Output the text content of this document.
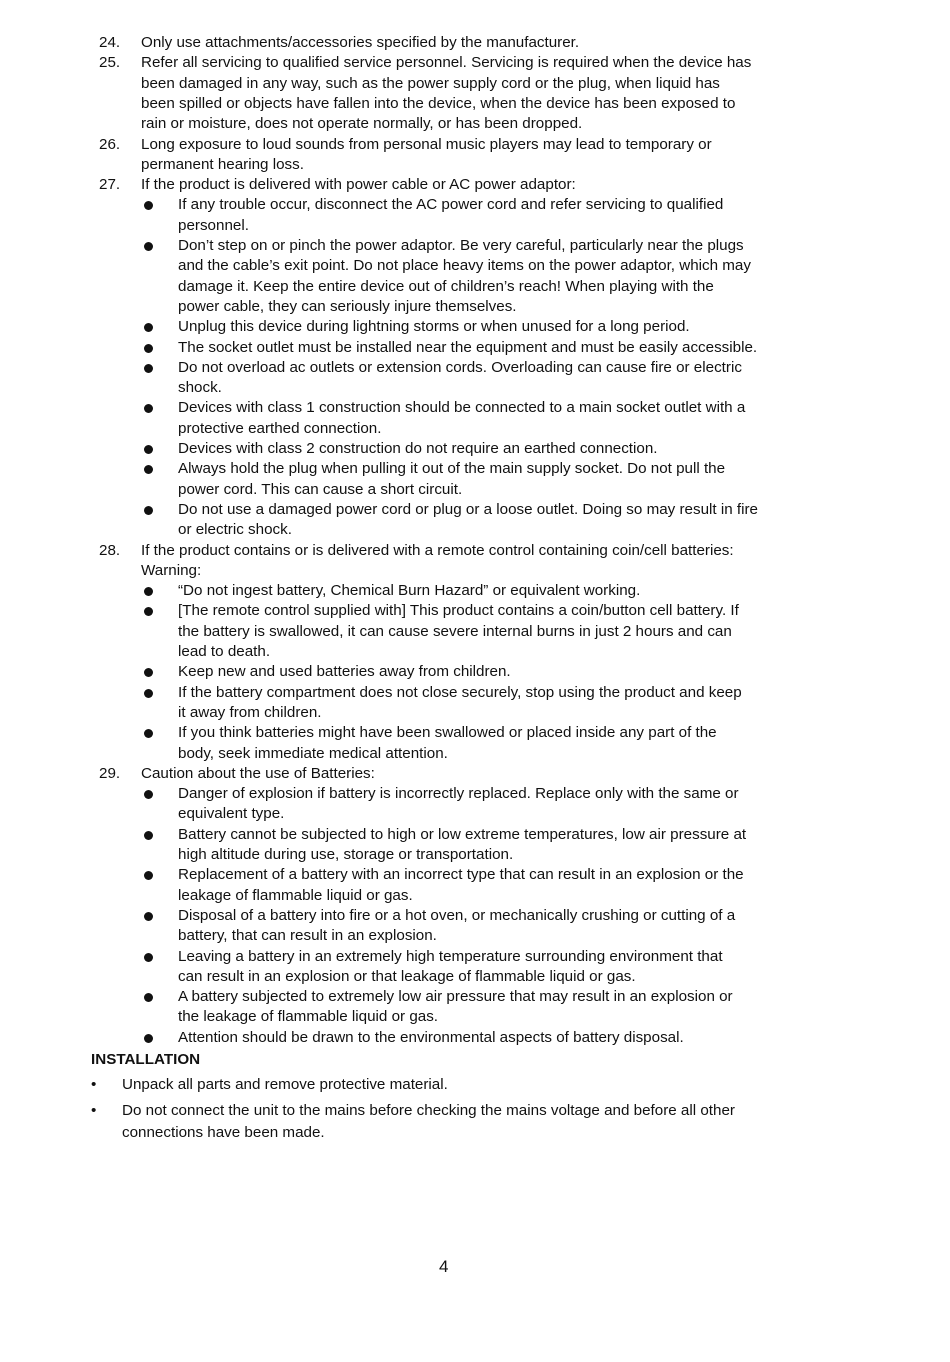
24. Only use attachments/accessories specified by the manufacturer.
25. Refer all servicing to qualified service personnel. Servicing is required when the device has
been damaged in any way, such as the power supply cord or the plug, when liquid has
been spilled or objects have fallen into the device, when the device has been exposed to
rain or moisture, does not operate normally, or has been dropped.
26. Long exposure to loud sounds from personal music players may lead to temporary or
permanent hearing loss.
27. If the product is delivered with power cable or AC power adaptor:
If any trouble occur, disconnect the AC power cord and refer servicing to qualified
personnel.
Don’t step on or pinch the power adaptor. Be very careful, particularly near the plugs
and the cable’s exit point. Do not place heavy items on the power adaptor, which may
damage it. Keep the entire device out of children’s reach! When playing with the
power cable, they can seriously injure themselves.
Unplug this device during lightning storms or when unused for a long period.
The socket outlet must be installed near the equipment and must be easily accessible.
Do not overload ac outlets or extension cords. Overloading can cause fire or electric
shock.
Devices with class 1 construction should be connected to a main socket outlet with a
protective earthed connection.
Devices with class 2 construction do not require an earthed connection.
Always hold the plug when pulling it out of the main supply socket. Do not pull the
power cord. This can cause a short circuit.
Do not use a damaged power cord or plug or a loose outlet. Doing so may result in fire
or electric shock.
28. If the product contains or is delivered with a remote control containing coin/cell batteries:
Warning:
“Do not ingest battery, Chemical Burn Hazard” or equivalent working.
[The remote control supplied with] This product contains a coin/button cell battery. If
the battery is swallowed, it can cause severe internal burns in just 2 hours and can
lead to death.
Keep new and used batteries away from children.
If the battery compartment does not close securely, stop using the product and keep
it away from children.
If you think batteries might have been swallowed or placed inside any part of the
body, seek immediate medical attention.
29. Caution about the use of Batteries:
Danger of explosion if battery is incorrectly replaced. Replace only with the same or
equivalent type.
Battery cannot be subjected to high or low extreme temperatures, low air pressure at
high altitude during use, storage or transportation.
Replacement of a battery with an incorrect type that can result in an explosion or the
leakage of flammable liquid or gas.
Disposal of a battery into fire or a hot oven, or mechanically crushing or cutting of a
battery, that can result in an explosion.
Leaving a battery in an extremely high temperature surrounding environment that
can result in an explosion or that leakage of flammable liquid or gas.
A battery subjected to extremely low air pressure that may result in an explosion or
the leakage of flammable liquid or gas.
Attention should be drawn to the environmental aspects of battery disposal.
INSTALLATION
• Unpack all parts and remove protective material.
• Do not connect the unit to the mains before checking the mains voltage and before all other
connections have been made.
4
